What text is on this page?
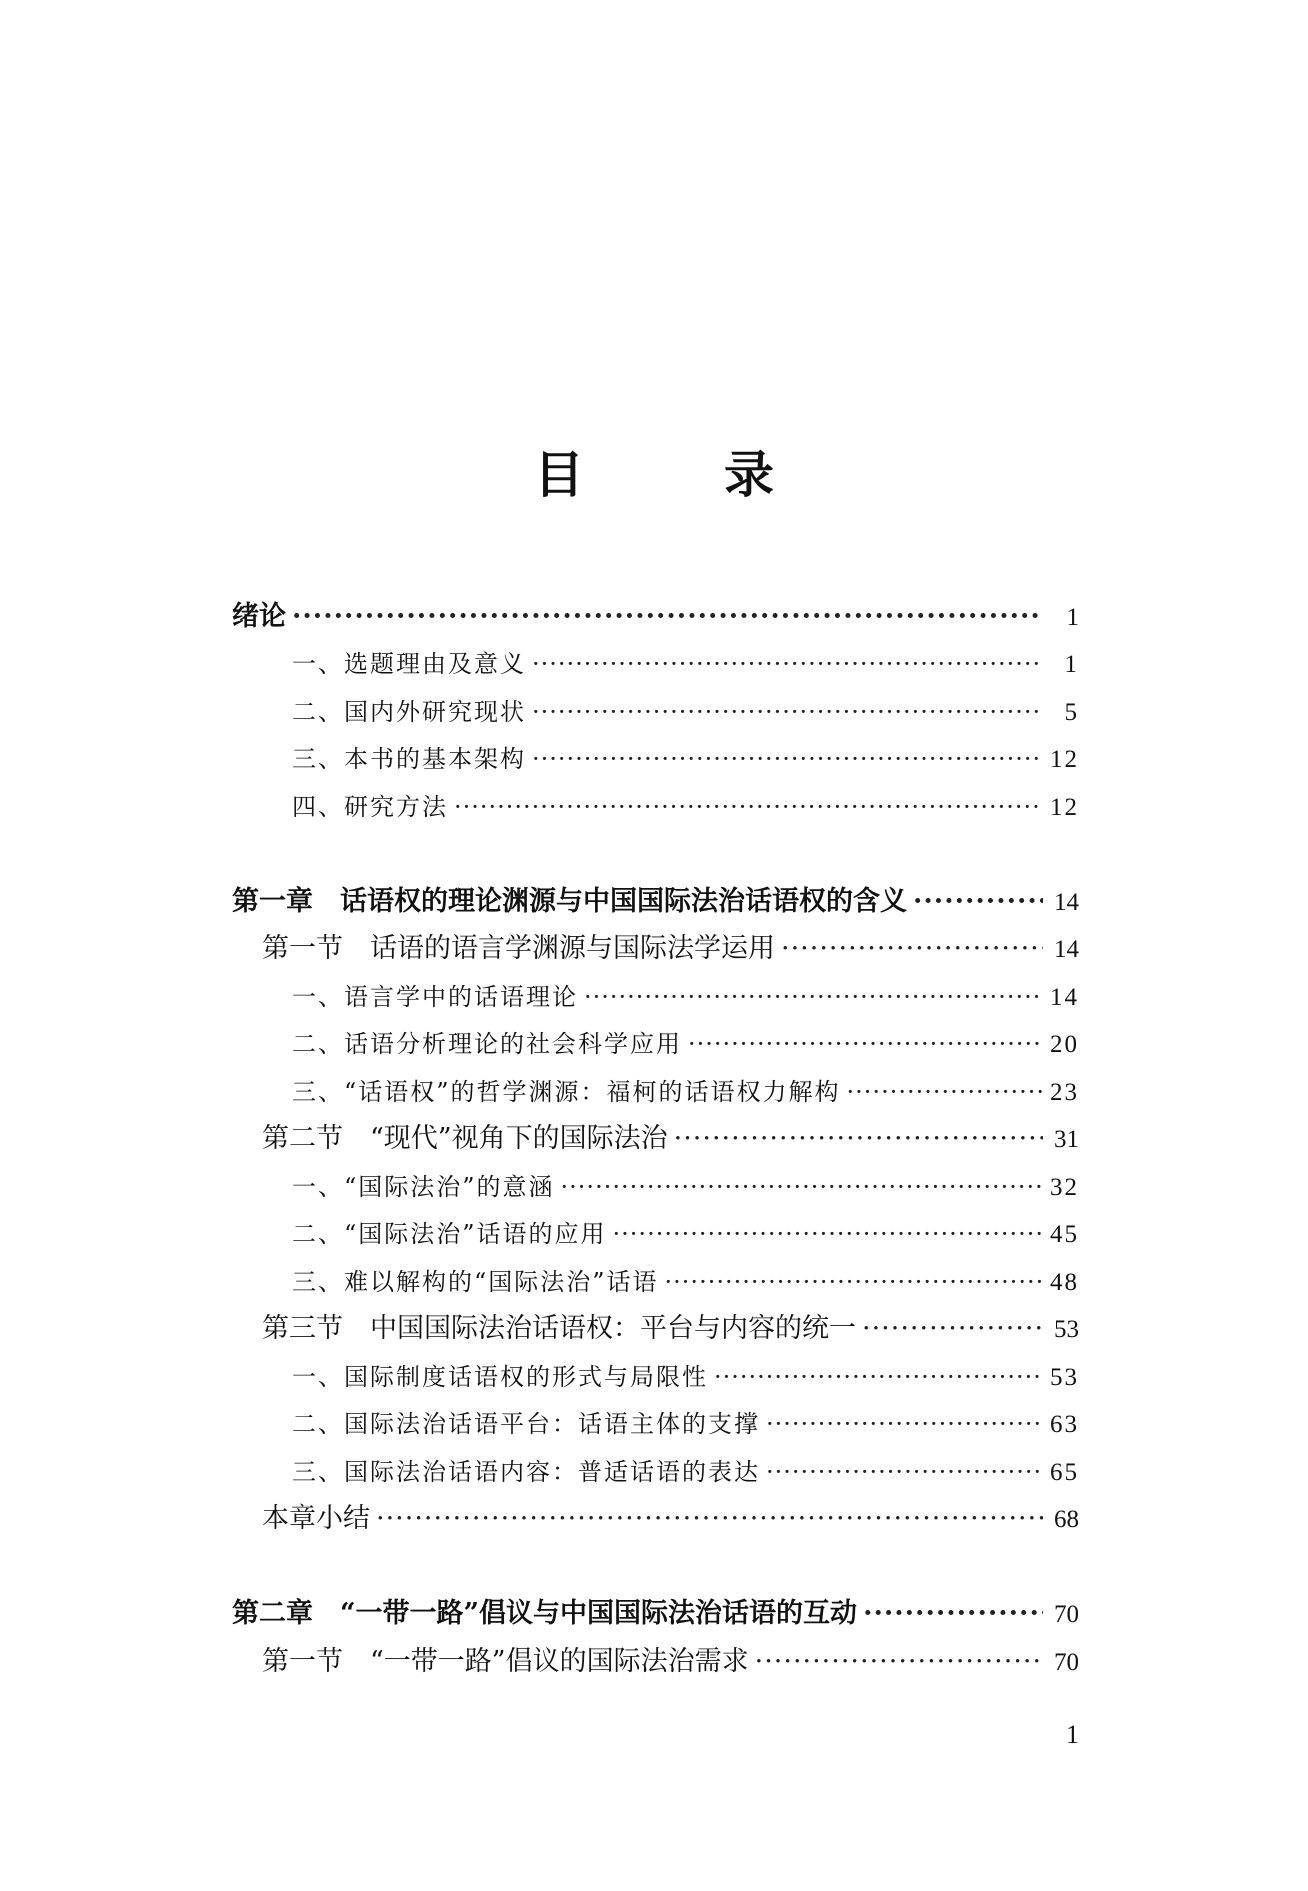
目	录
绪论 ·····	1
一、选题理由及意义 ·····	1
二、国内外研究现状 ·····	5
三、本书的基本架构 ·····	12
四、研究方法 ·····	12
第一章　话语权的理论渊源与中国国际法治话语权的含义 ·····	14
第一节　话语的语言学渊源与国际法学运用 ·····	14
一、语言学中的话语理论 ·····	14
二、话语分析理论的社会科学应用 ·····	20
三、“话语权”的哲学渊源：福柯的话语权力解构 ·····	23
第二节　“现代”视角下的国际法治 ·····	31
一、“国际法治”的意涵 ·····	32
二、“国际法治”话语的应用 ·····	45
三、难以解构的“国际法治”话语 ·····	48
第三节　中国国际法治话语权：平台与内容的统一 ·····	53
一、国际制度话语权的形式与局限性 ·····	53
二、国际法治话语平台：话语主体的支撑 ·····	63
三、国际法治话语内容：普适话语的表达 ·····	65
本章小结 ·····	68
第二章　“一带一路”倡议与中国国际法治话语的互动 ·····	70
第一节　“一带一路”倡议的国际法治需求 ·····	70
1
